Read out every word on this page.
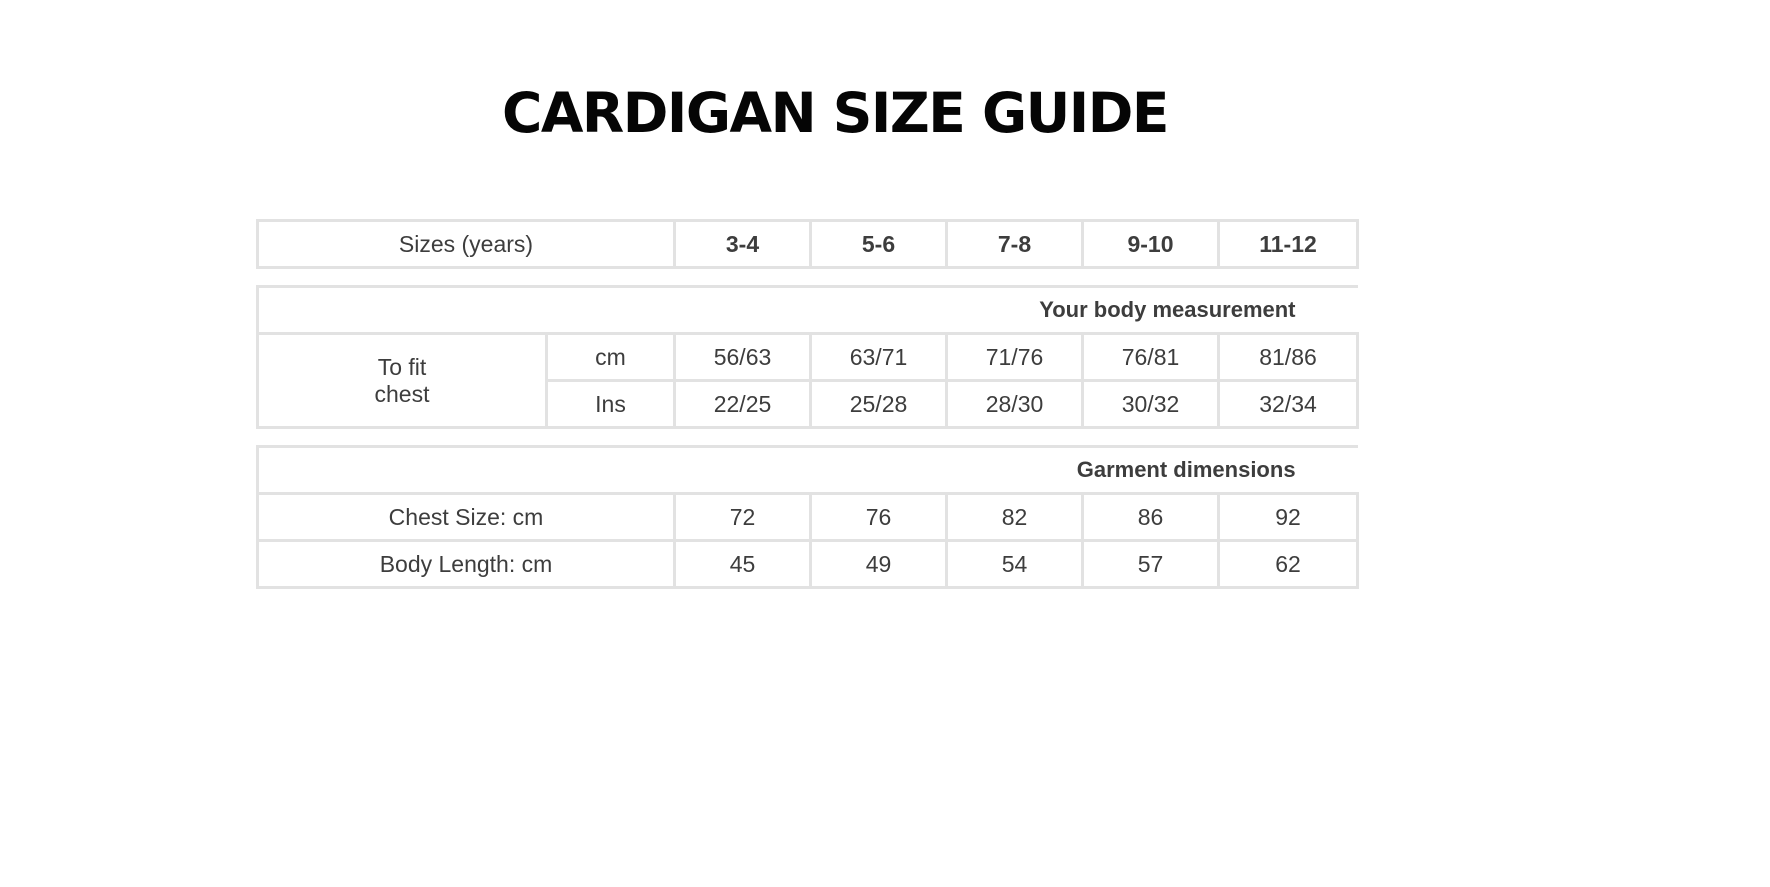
CARDIGAN SIZE GUIDE
Sizes (years)	3-4	5-6	7-8	9-10	11-12
Your body measurement						

To fit
chest	cm	56/63	63/71	71/76	76/81	81/86
	Ins	22/25	25/28	28/30	30/32	32/34
Garment dimensions					
Chest Size: cm	72	76	82	86	92
Body Length: cm	45	49	54	57	62
